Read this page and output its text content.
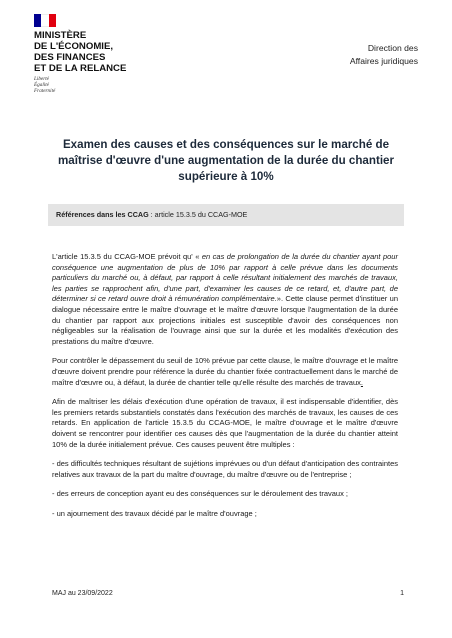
MINISTÈRE
DE L'ÉCONOMIE,
DES FINANCES
ET DE LA RELANCE
Liberté
Égalité
Fraternité
Direction des
Affaires juridiques
Examen des causes et des conséquences sur le marché de maîtrise d'œuvre d'une augmentation de la durée du chantier supérieure à 10%
Références dans les CCAG : article 15.3.5 du CCAG-MOE

L'article 15.3.5 du CCAG-MOE prévoit qu' « en cas de prolongation de la durée du chantier ayant pour conséquence une augmentation de plus de 10% par rapport à celle prévue dans les documents particuliers du marché ou, à défaut, par rapport à celle résultant initialement des marchés de travaux, les parties se rapprochent afin, d'une part, d'examiner les causes de ce retard, et, d'autre part, de déterminer si ce retard ouvre droit à rémunération complémentaire.». Cette clause permet d'instituer un dialogue nécessaire entre le maître d'ouvrage et le maître d'œuvre lorsque l'augmentation de la durée du chantier par rapport aux projections initiales est susceptible d'avoir des conséquences non négligeables sur la réalisation de l'ouvrage ainsi que sur la durée et les modalités d'exécution des prestations du maître d'œuvre.

Pour contrôler le dépassement du seuil de 10% prévue par cette clause, le maître d'ouvrage et le maître d'œuvre doivent prendre pour référence la durée du chantier fixée contractuellement dans le marché de maître d'œuvre ou, à défaut, la durée de chantier telle qu'elle résulte des marchés de travaux.

Afin de maîtriser les délais d'exécution d'une opération de travaux, il est indispensable d'identifier, dès les premiers retards substantiels constatés dans l'exécution des marchés de travaux, les causes de ces retards. En application de l'article 15.3.5 du CCAG-MOE, le maître d'ouvrage et le maître d'œuvre doivent se rencontrer pour identifier ces causes dès que l'augmentation de la durée du chantier atteint 10% de la durée initialement prévue. Ces causes peuvent être multiples :

- des difficultés techniques résultant de sujétions imprévues ou d'un défaut d'anticipation des contraintes relatives aux travaux de la part du maître d'ouvrage, du maître d'œuvre ou de l'entreprise ;

- des erreurs de conception ayant eu des conséquences sur le déroulement des travaux ;

- un ajournement des travaux décidé par le maître d'ouvrage ;

MAJ au 23/09/2022	1
